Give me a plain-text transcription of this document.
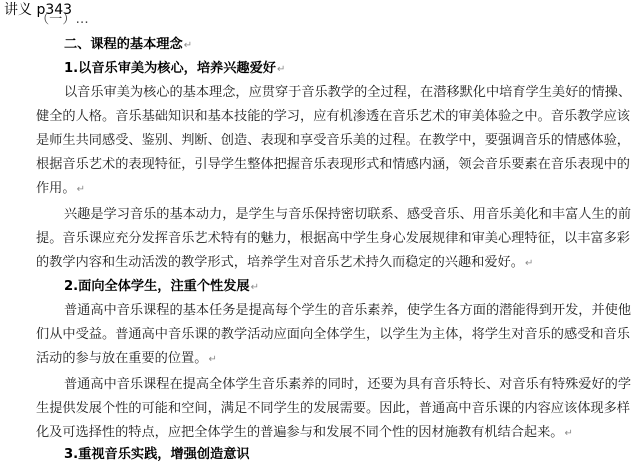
讲义 p343
（一）…
二、课程的基本理念↵
1.以音乐审美为核心，培养兴趣爱好↵
以音乐审美为核心的基本理念，应贯穿于音乐教学的全过程，在潜移默化中培育学生美好的情操、
健全的人格。音乐基础知识和基本技能的学习，应有机渗透在音乐艺术的审美体验之中。音乐教学应该
是师生共同感受、鉴别、判断、创造、表现和享受音乐美的过程。在教学中，要强调音乐的情感体验，
根据音乐艺术的表现特征，引导学生整体把握音乐表现形式和情感内涵，领会音乐要素在音乐表现中的
作用。↵
兴趣是学习音乐的基本动力，是学生与音乐保持密切联系、感受音乐、用音乐美化和丰富人生的前
提。音乐课应充分发挥音乐艺术特有的魅力，根据高中学生身心发展规律和审美心理特征，以丰富多彩
的教学内容和生动活泼的教学形式，培养学生对音乐艺术持久而稳定的兴趣和爱好。↵
2.面向全体学生，注重个性发展↵
普通高中音乐课程的基本任务是提高每个学生的音乐素养，使学生各方面的潜能得到开发，并使他
们从中受益。普通高中音乐课的教学活动应面向全体学生，以学生为主体，将学生对音乐的感受和音乐
活动的参与放在重要的位置。↵
普通高中音乐课程在提高全体学生音乐素养的同时，还要为具有音乐特长、对音乐有特殊爱好的学
生提供发展个性的可能和空间，满足不同学生的发展需要。因此，普通高中音乐课的内容应该体现多样
化及可选择性的特点，应把全体学生的普遍参与和发展不同个性的因材施教有机结合起来。↵
3.重视音乐实践，增强创造意识
